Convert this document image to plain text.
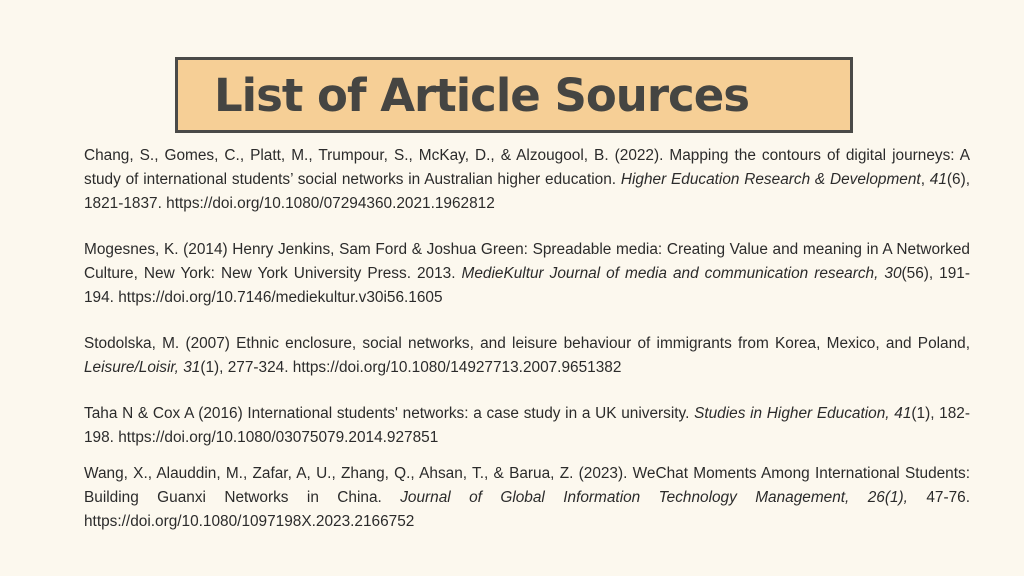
List of Article Sources

Chang, S., Gomes, C., Platt, M., Trumpour, S., McKay, D., & Alzougool, B. (2022). Mapping the contours of digital journeys: A study of international students’ social networks in Australian higher education. Higher Education Research & Development, 41(6), 1821-1837. https://doi.org/10.1080/07294360.2021.1962812

Mogesnes, K. (2014) Henry Jenkins, Sam Ford & Joshua Green: Spreadable media: Creating Value and meaning in A Networked Culture, New York: New York University Press. 2013. MedieKultur Journal of media and communication research, 30(56), 191-194. https://doi.org/10.7146/mediekultur.v30i56.1605

Stodolska, M. (2007) Ethnic enclosure, social networks, and leisure behaviour of immigrants from Korea, Mexico, and Poland, Leisure/Loisir, 31(1), 277-324. https://doi.org/10.1080/14927713.2007.9651382

Taha N & Cox A (2016) International students' networks: a case study in a UK university. Studies in Higher Education, 41(1), 182-198. https://doi.org/10.1080/03075079.2014.927851

Wang, X., Alauddin, M., Zafar, A, U., Zhang, Q., Ahsan, T., & Barua, Z. (2023). WeChat Moments Among International Students: Building Guanxi Networks in China. Journal of Global Information Technology Management, 26(1), 47-76. https://doi.org/10.1080/1097198X.2023.2166752
